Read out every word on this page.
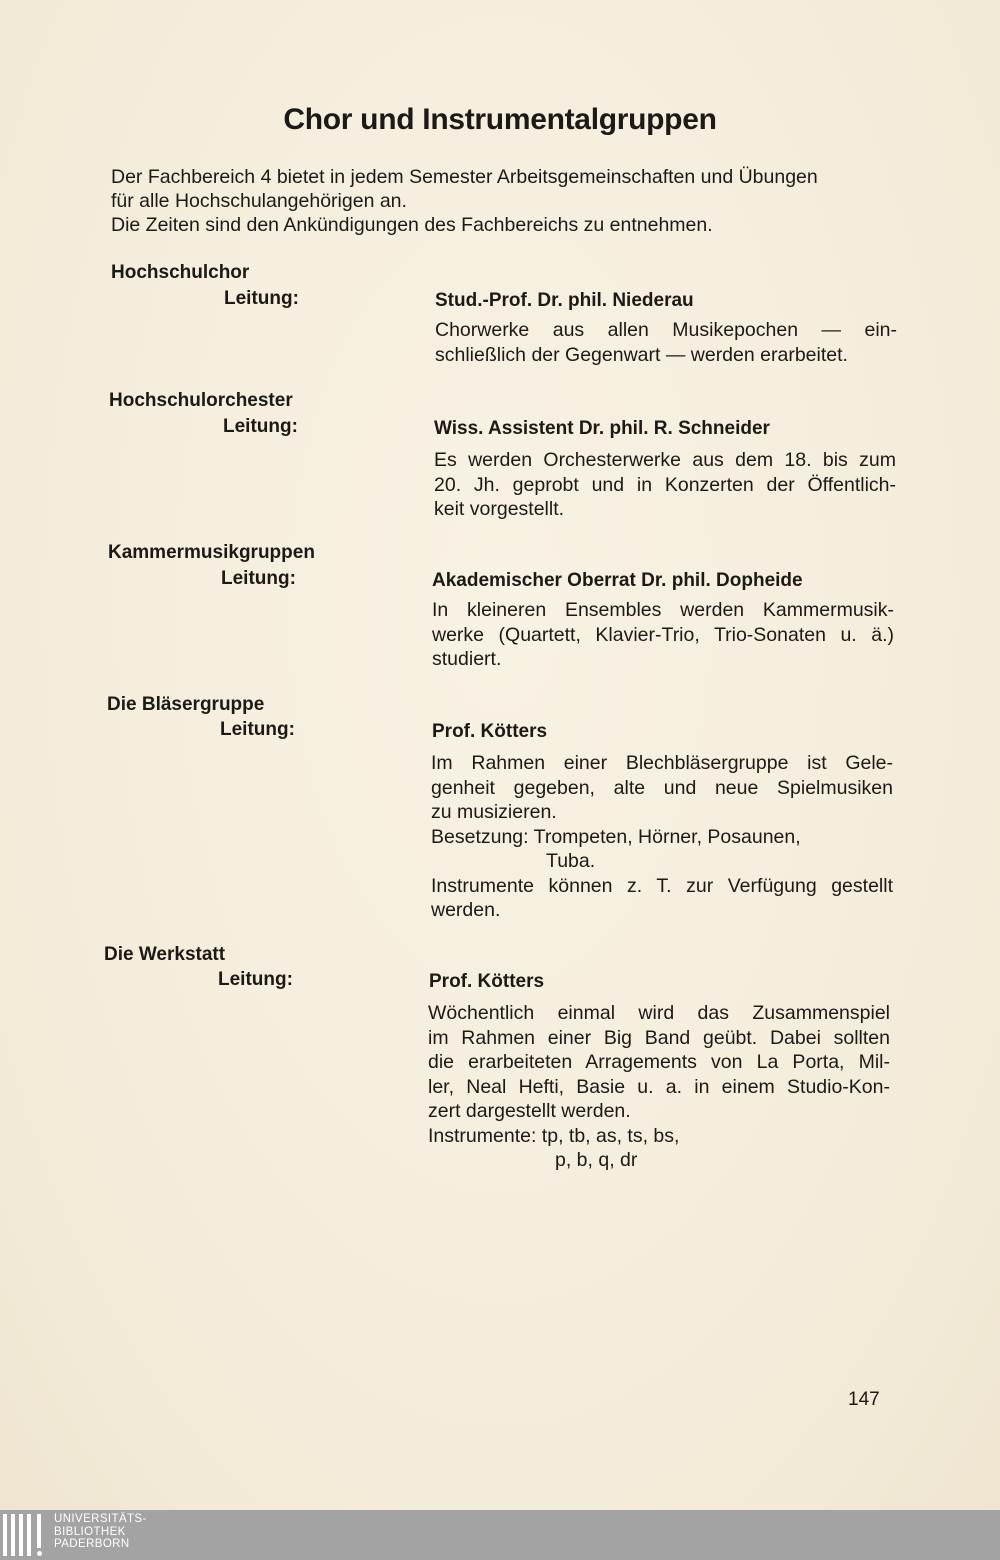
Chor und Instrumentalgruppen
Der Fachbereich 4 bietet in jedem Semester Arbeitsgemeinschaften und Übungen
für alle Hochschulangehörigen an.
Die Zeiten sind den Ankündigungen des Fachbereichs zu entnehmen.
Hochschulchor
Leitung:	Stud.-Prof. Dr. phil. Niederau
Chorwerke aus allen Musikepochen — ein-
schließlich der Gegenwart — werden erarbeitet.
Hochschulorchester
Leitung:	Wiss. Assistent Dr. phil. R. Schneider
Es werden Orchesterwerke aus dem 18. bis zum
20. Jh. geprobt und in Konzerten der Öffentlich-
keit vorgestellt.
Kammermusikgruppen
Leitung:	Akademischer Oberrat Dr. phil. Dopheide
In kleineren Ensembles werden Kammermusik-
werke (Quartett, Klavier-Trio, Trio-Sonaten u. ä.)
studiert.
Die Bläsergruppe
Leitung:	Prof. Kötters
Im Rahmen einer Blechbläsergruppe ist Gele-
genheit gegeben, alte und neue Spielmusiken
zu musizieren.
Besetzung: Trompeten, Hörner, Posaunen,
Tuba.
Instrumente können z. T. zur Verfügung gestellt
werden.
Die Werkstatt
Leitung:	Prof. Kötters
Wöchentlich einmal wird das Zusammenspiel
im Rahmen einer Big Band geübt. Dabei sollten
die erarbeiteten Arragements von La Porta, Mil-
ler, Neal Hefti, Basie u. a. in einem Studio-Kon-
zert dargestellt werden.
Instrumente: tp, tb, as, ts, bs,
p, b, q, dr
147
UNIVERSITÄTS-
BIBLIOTHEK
PADERBORN
